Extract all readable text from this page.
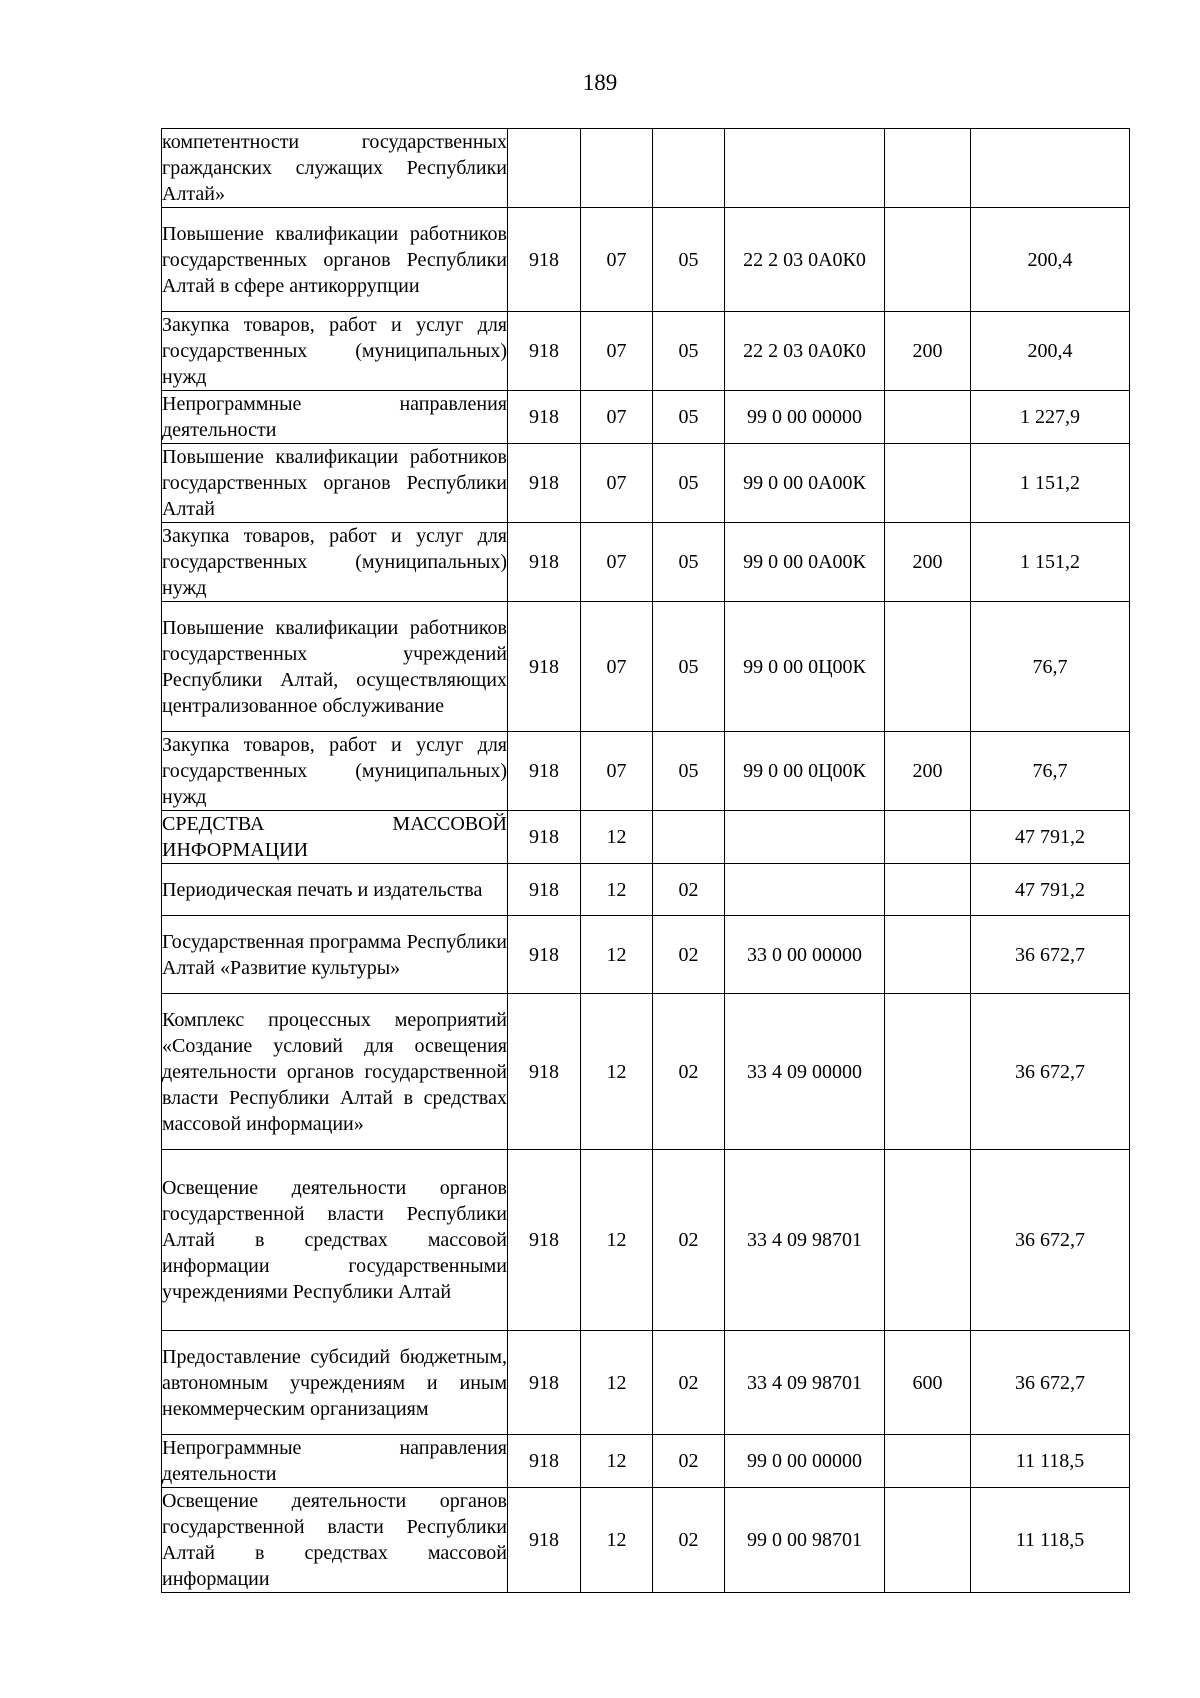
189
компетентности государственных гражданских служащих Республики Алтай»						
Повышение квалификации работников государственных органов Республики Алтай в сфере антикоррупции	918	07	05	22 2 03 0А0К0		200,4
Закупка товаров, работ и услуг для государственных (муниципальных) нужд	918	07	05	22 2 03 0А0К0	200	200,4
Непрограммные направления деятельности	918	07	05	99 0 00 00000		1 227,9
Повышение квалификации работников государственных органов Республики Алтай	918	07	05	99 0 00 0А00К		1 151,2
Закупка товаров, работ и услуг для государственных (муниципальных) нужд	918	07	05	99 0 00 0А00К	200	1 151,2
Повышение квалификации работников государственных учреждений Республики Алтай, осуществляющих централизованное обслуживание	918	07	05	99 0 00 0Ц00К		76,7
Закупка товаров, работ и услуг для государственных (муниципальных) нужд	918	07	05	99 0 00 0Ц00К	200	76,7
СРЕДСТВА МАССОВОЙ ИНФОРМАЦИИ	918	12				47 791,2
Периодическая печать и издательства	918	12	02			47 791,2
Государственная программа Республики Алтай «Развитие культуры»	918	12	02	33 0 00 00000		36 672,7
Комплекс процессных мероприятий «Создание условий для освещения деятельности органов государственной власти Республики Алтай в средствах массовой информации»	918	12	02	33 4 09 00000		36 672,7
Освещение деятельности органов государственной власти Республики Алтай в средствах массовой информации государственными учреждениями Республики Алтай	918	12	02	33 4 09 98701		36 672,7
Предоставление субсидий бюджетным, автономным учреждениям и иным некоммерческим организациям	918	12	02	33 4 09 98701	600	36 672,7
Непрограммные направления деятельности	918	12	02	99 0 00 00000		11 118,5
Освещение деятельности органов государственной власти Республики Алтай в средствах массовой информации	918	12	02	99 0 00 98701		11 118,5
